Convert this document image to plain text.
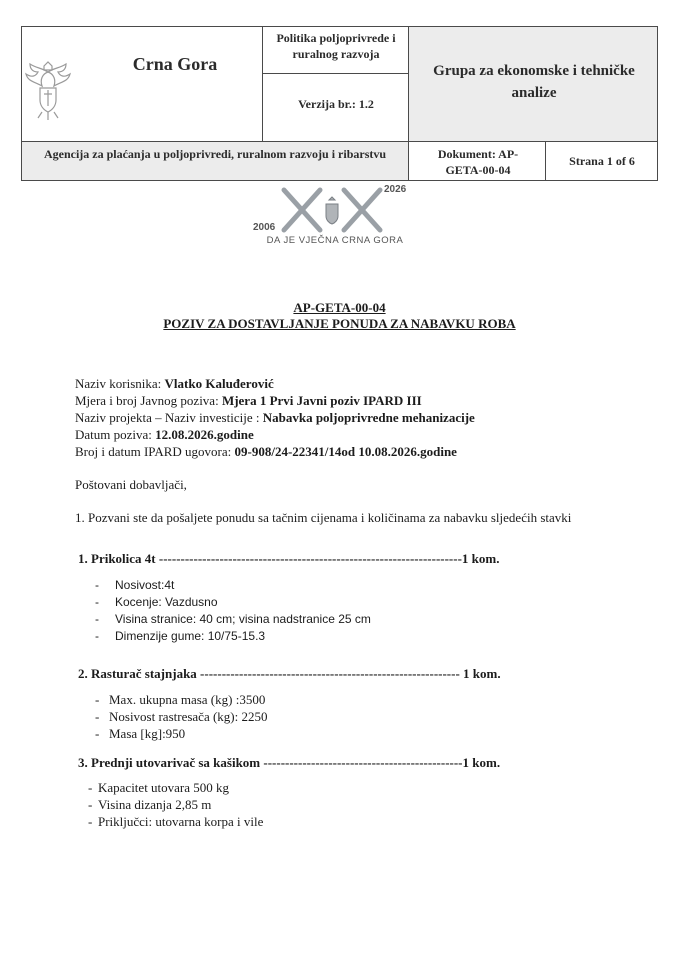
Crna Gora
Politika poljoprivrede i ruralnog razvoja
Verzija br.: 1.2
Grupa za ekonomske i tehničke analize
Agencija za plaćanja u poljoprivredi, ruralnom razvoju i ribarstvu	Dokument: AP-GETA-00-04
Strana 1 of 6
2006
2026
DA JE VJEČNA CRNA GORA
AP-GETA-00-04
POZIV ZA DOSTAVLJANJE PONUDA ZA NABAVKU ROBA
Naziv korisnika: Vlatko Kaluđerović
Mjera i broj Javnog poziva: Mjera 1 Prvi Javni poziv IPARD III
Naziv projekta – Naziv investicije : Nabavka poljoprivredne mehanizacije
Datum poziva: 12.08.2026.godine
Broj i datum IPARD ugovora: 09-908/24-22341/14od 10.08.2026.godine
Poštovani dobavljači,
1. Pozvani ste da pošaljete ponudu sa tačnim cijenama i količinama za nabavku sljedećih stavki
1. Prikolica 4t ----------------------------------------------------------------------1 kom.
- Nosivost:4t
- Kocenje: Vazdusno
- Visina stranice: 40 cm; visina nadstranice 25 cm
- Dimenzije gume: 10/75-15.3
2. Rasturač stajnjaka ------------------------------------------------------------ 1 kom.
- Max. ukupna masa (kg) :3500
- Nosivost rastresača (kg): 2250
- Masa [kg]:950
3. Prednji utovarivač sa kašikom ----------------------------------------------1 kom.
- Kapacitet utovara 500 kg
- Visina dizanja 2,85 m
- Priključci: utovarna korpa i vile
